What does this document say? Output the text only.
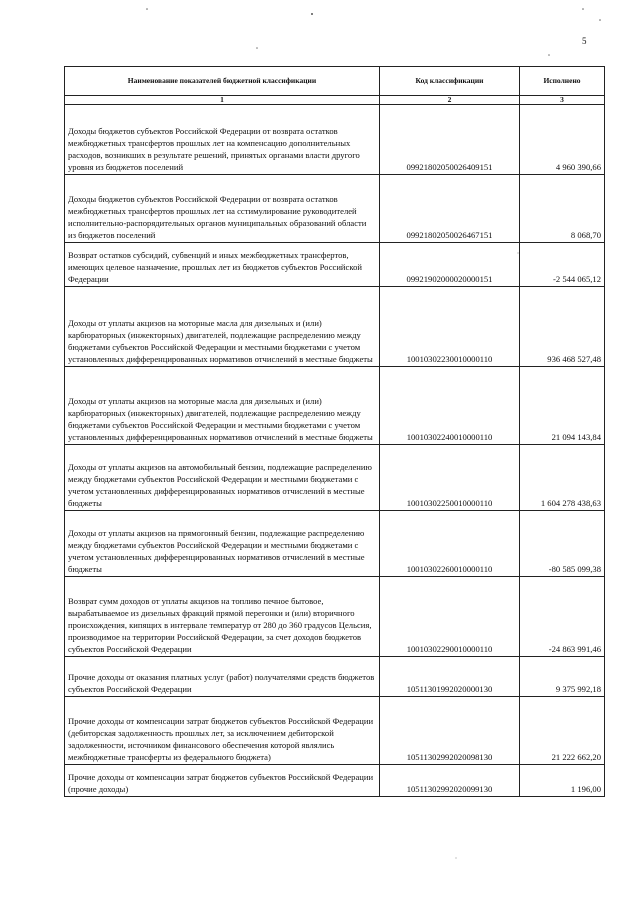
5
Наименование показателей бюджетной классификации	Код классификации	Исполнено
1	2	3
Доходы бюджетов субъектов Российской Федерации от возврата остатков межбюджетных трансфертов прошлых лет на компенсацию дополнительных расходов, возникших в результате решений, принятых органами власти другого уровня из бюджетов поселений	09921802050026409151	4 960 390,66
Доходы бюджетов субъектов Российской Федерации от возврата остатков межбюджетных трансфертов прошлых лет на сстимулирование руководителей исполнительно-распорядительных органов муниципальных образований области из бюджетов поселений	09921802050026467151	8 068,70
Возврат остатков субсидий, субвенций и иных межбюджетных трансфертов, имеющих целевое назначение, прошлых лет из бюджетов субъектов Российской Федерации	09921902000020000151	-2 544 065,12
Доходы от уплаты акцизов на моторные масла для дизельных и (или) карбюраторных (инжекторных) двигателей, подлежащие распределению между бюджетами субъектов Российской Федерации и местными бюджетами с учетом установленных дифференцированных нормативов отчислений в местные бюджеты	10010302230010000110	936 468 527,48
Доходы от уплаты акцизов на моторные масла для дизельных и (или) карбюраторных (инжекторных) двигателей, подлежащие распределению между бюджетами субъектов Российской Федерации и местными бюджетами с учетом установленных дифференцированных нормативов отчислений в местные бюджеты	10010302240010000110	21 094 143,84
Доходы от уплаты акцизов на автомобильный бензин, подлежащие распределению между бюджетами субъектов Российской Федерации и местными бюджетами с учетом установленных дифференцированных нормативов отчислений в местные бюджеты	10010302250010000110	1 604 278 438,63
Доходы от уплаты акцизов на прямогонный бензин, подлежащие распределению между бюджетами субъектов Российской Федерации и местными бюджетами с учетом установленных дифференцированных нормативов отчислений в местные бюджеты	10010302260010000110	-80 585 099,38
Возврат сумм доходов от уплаты акцизов на топливо печное бытовое, вырабатываемое из дизельных фракций прямой перегонки и (или) вторичного происхождения, кипящих в интервале температур от 280 до 360 градусов Цельсия, производимое на территории Российской Федерации, за счет доходов бюджетов субъектов Российской Федерации	10010302290010000110	-24 863 991,46
Прочие доходы от оказания платных услуг (работ) получателями средств бюджетов субъектов Российской Федерации	10511301992020000130	9 375 992,18
Прочие доходы от компенсации затрат бюджетов субъектов Российской Федерации (дебиторская задолженность прошлых лет, за исключением дебиторской задолженности, источником финансового обеспечения которой являлись межбюджетные трансферты из федерального бюджета)	10511302992020098130	21 222 662,20
Прочие доходы от компенсации затрат бюджетов субъектов Российской Федерации (прочие доходы)	10511302992020099130	1 196,00
